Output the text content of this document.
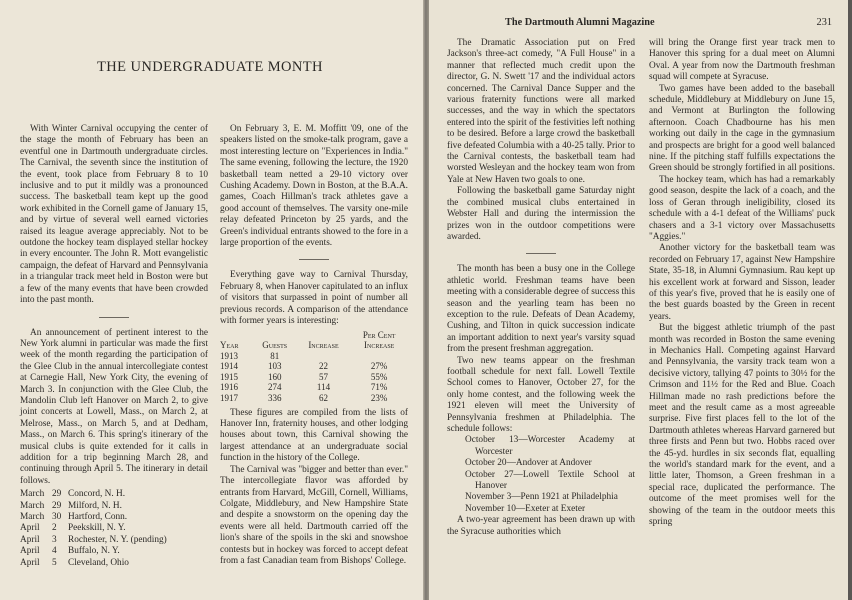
THE UNDERGRADUATE MONTH

With Winter Carnival occupying the center of the stage the month of February has been an eventful one in Dartmouth undergraduate circles. The Carnival, the seventh since the institution of the event, took place from February 8 to 10 inclusive and to put it mildly was a pronounced success. The basketball team kept up the good work exhibited in the Cornell game of January 15, and by virtue of several well earned victories raised its league average appreciably. Not to be outdone the hockey team displayed stellar hockey in every encounter. The John R. Mott evangelistic campaign, the defeat of Harvard and Pennsylvania in a triangular track meet held in Boston were but a few of the many events that have been crowded into the past month.

An announcement of pertinent interest to the New York alumni in particular was made the first week of the month regarding the participation of the Glee Club in the annual intercollegiate contest at Carnegie Hall, New York City, the evening of March 3. In conjunction with the Glee Club, the Mandolin Club left Hanover on March 2, to give joint concerts at Lowell, Mass., on March 2, at Melrose, Mass., on March 5, and at Dedham, Mass., on March 6. This spring's itinerary of the musical clubs is quite extended for it calls in addition for a trip beginning March 28, and continuing through April 5. The itinerary in detail follows.

March 29 Concord, N. H.
March 29 Milford, N. H.
March 30 Hartford, Conn.
April	2	Peekskill, N. Y.
April	3	Rochester, N. Y. (pending)
April	4	Buffalo, N. Y.
April	5	Cleveland, Ohio

On February 3, E. M. Moffitt '09, one of the speakers listed on the smoke-talk program, gave a most interesting lecture on "Experiences in India." The same evening, following the lecture, the 1920 basketball team netted a 29-10 victory over Cushing Academy. Down in Boston, at the B.A.A. games, Coach Hillman's track athletes gave a good account of themselves. The varsity one-mile relay defeated Princeton by 25 yards, and the Green's individual entrants showed to the fore in a large proportion of the events.

Everything gave way to Carnival Thursday, February 8, when Hanover capitulated to an influx of visitors that surpassed in point of number all previous records. A comparison of the attendance with former years is interesting:

			Per Cent
Year	Guests	Increase	Increase
1913	81		
1914	103	22	27%
1915	160	57	55%
1916	274	114	71%
1917	336	62	23%

These figures are compiled from the lists of Hanover Inn, fraternity houses, and other lodging houses about town, this Carnival showing the largest attendance at an undergraduate social function in the history of the College.

The Carnival was "bigger and better than ever." The intercollegiate flavor was afforded by entrants from Harvard, McGill, Cornell, Williams, Colgate, Middlebury, and New Hampshire State and despite a snowstorm on the opening day the events were all held. Dartmouth carried off the lion's share of the spoils in the ski and snowshoe contests but in hockey was forced to accept defeat from a fast Canadian team from Bishops' College.

The Dartmouth Alumni Magazine	231

The Dramatic Association put on Fred Jackson's three-act comedy, "A Full House" in a manner that reflected much credit upon the director, G. N. Swett '17 and the individual actors concerned. The Carnival Dance Supper and the various fraternity functions were all marked successes, and the way in which the spectators entered into the spirit of the festivities left nothing to be desired. Before a large crowd the basketball five defeated Columbia with a 40-25 tally. Prior to the Carnival contests, the basketball team had worsted Wesleyan and the hockey team won from Yale at New Haven two goals to one.

Following the basketball game Saturday night the combined musical clubs entertained in Webster Hall and during the intermission the prizes won in the outdoor competitions were awarded.

The month has been a busy one in the College athletic world. Freshman teams have been meeting with a considerable degree of success this season and the yearling team has been no exception to the rule. Defeats of Dean Academy, Cushing, and Tilton in quick succession indicate an important addition to next year's varsity squad from the present freshman aggregation.

Two new teams appear on the freshman football schedule for next fall. Lowell Textile School comes to Hanover, October 27, for the only home contest, and the following week the 1921 eleven will meet the University of Pennsylvania freshmen at Philadelphia. The schedule follows:

October 13—Worcester Academy at Worcester
October 20—Andover at Andover
October 27—Lowell Textile School at Hanover
November 3—Penn 1921 at Philadelphia
November 10—Exeter at Exeter

A two-year agreement has been drawn up with the Syracuse authorities which

will bring the Orange first year track men to Hanover this spring for a dual meet on Alumni Oval. A year from now the Dartmouth freshman squad will compete at Syracuse.

Two games have been added to the baseball schedule, Middlebury at Middlebury on June 15, and Vermont at Burlington the following afternoon. Coach Chadbourne has his men working out daily in the cage in the gymnasium and prospects are bright for a good well balanced nine. If the pitching staff fulfills expectations the Green should be strongly fortified in all positions.

The hockey team, which has had a remarkably good season, despite the lack of a coach, and the loss of Geran through ineligibility, closed its schedule with a 4-1 defeat of the Williams' puck chasers and a 3-1 victory over Massachusetts "Aggies."

Another victory for the basketball team was recorded on February 17, against New Hampshire State, 35-18, in Alumni Gymnasium. Rau kept up his excellent work at forward and Sisson, leader of this year's five, proved that he is easily one of the best guards boasted by the Green in recent years.

But the biggest athletic triumph of the past month was recorded in Boston the same evening in Mechanics Hall. Competing against Harvard and Pennsylvania, the varsity track team won a decisive victory, tallying 47 points to 30½ for the Crimson and 11½ for the Red and Blue. Coach Hillman made no rash predictions before the meet and the result came as a most agreeable surprise. Five first places fell to the lot of the Dartmouth athletes whereas Harvard garnered but three firsts and Penn but two. Hobbs raced over the 45-yd. hurdles in six seconds flat, equalling the world's standard mark for the event, and a little later, Thomson, a Green freshman in a special race, duplicated the performance. The outcome of the meet promises well for the showing of the team in the outdoor meets this spring
